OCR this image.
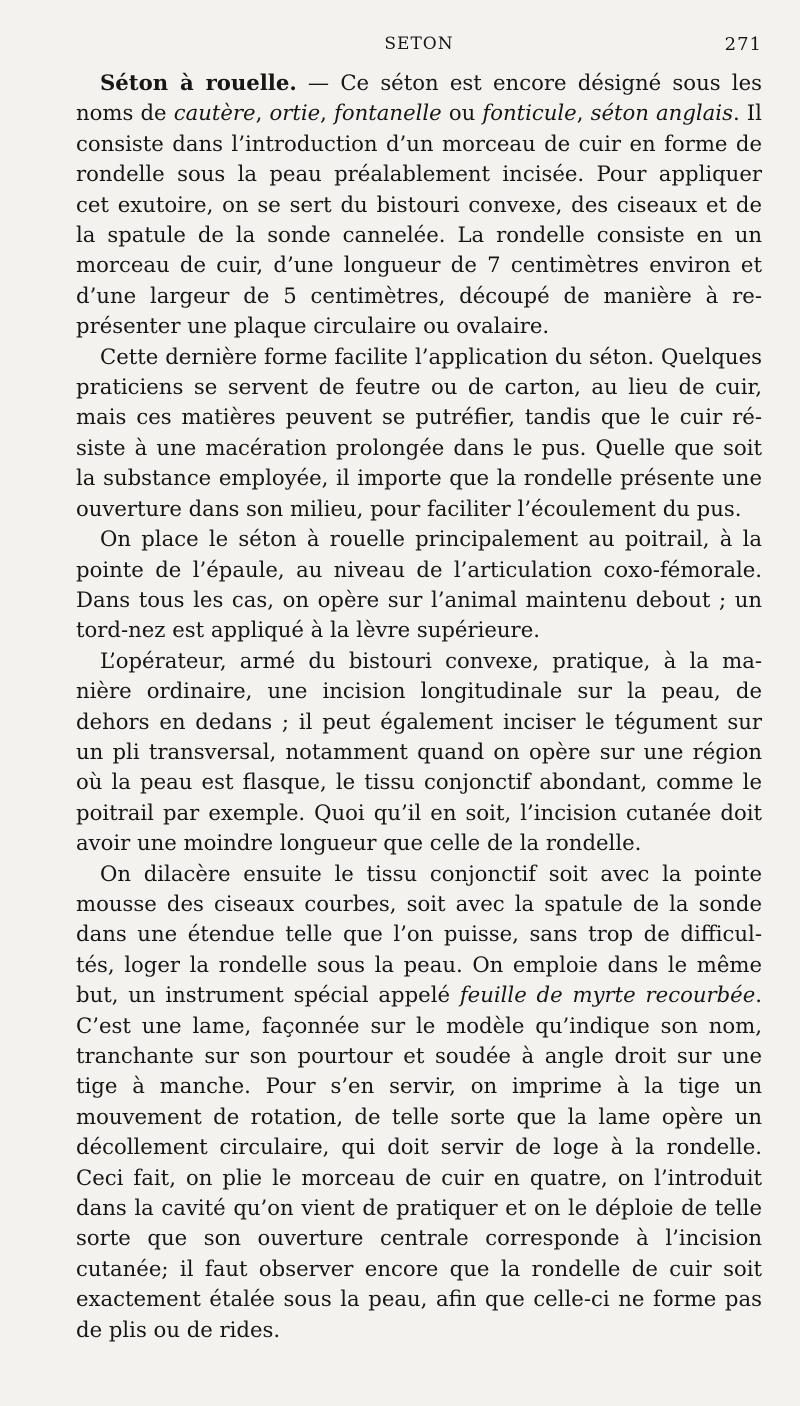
SETON	271

Séton à rouelle. — Ce séton est encore désigné sous les noms de cautère, ortie, fontanelle ou fonticule, séton anglais. Il consiste dans l’introduction d’un morceau de cuir en forme de rondelle sous la peau préalablement incisée. Pour appliquer cet exutoire, on se sert du bistouri convexe, des ciseaux et de la spatule de la sonde cannelée. La rondelle consiste en un morceau de cuir, d’une longueur de 7 centimètres environ et d’une largeur de 5 centimètres, découpé de manière à re-présenter une plaque circulaire ou ovalaire.

Cette dernière forme facilite l’application du séton. Quelques praticiens se servent de feutre ou de carton, au lieu de cuir, mais ces matières peuvent se putréfier, tandis que le cuir ré-siste à une macération prolongée dans le pus. Quelle que soit la substance employée, il importe que la rondelle présente une ouverture dans son milieu, pour faciliter l’écoulement du pus.

On place le séton à rouelle principalement au poitrail, à la pointe de l’épaule, au niveau de l’articulation coxo-fémorale. Dans tous les cas, on opère sur l’animal maintenu debout ; un tord-nez est appliqué à la lèvre supérieure.

L’opérateur, armé du bistouri convexe, pratique, à la ma-nière ordinaire, une incision longitudinale sur la peau, de dehors en dedans ; il peut également inciser le tégument sur un pli transversal, notamment quand on opère sur une région où la peau est flasque, le tissu conjonctif abondant, comme le poitrail par exemple. Quoi qu’il en soit, l’incision cutanée doit avoir une moindre longueur que celle de la rondelle.

On dilacère ensuite le tissu conjonctif soit avec la pointe mousse des ciseaux courbes, soit avec la spatule de la sonde dans une étendue telle que l’on puisse, sans trop de difficul-tés, loger la rondelle sous la peau. On emploie dans le même but, un instrument spécial appelé feuille de myrte recourbée. C’est une lame, façonnée sur le modèle qu’indique son nom, tranchante sur son pourtour et soudée à angle droit sur une tige à manche. Pour s’en servir, on imprime à la tige un mouvement de rotation, de telle sorte que la lame opère un décollement circulaire, qui doit servir de loge à la rondelle. Ceci fait, on plie le morceau de cuir en quatre, on l’introduit dans la cavité qu’on vient de pratiquer et on le déploie de telle sorte que son ouverture centrale corresponde à l’incision cutanée; il faut observer encore que la rondelle de cuir soit exactement étalée sous la peau, afin que celle-ci ne forme pas de plis ou de rides.
